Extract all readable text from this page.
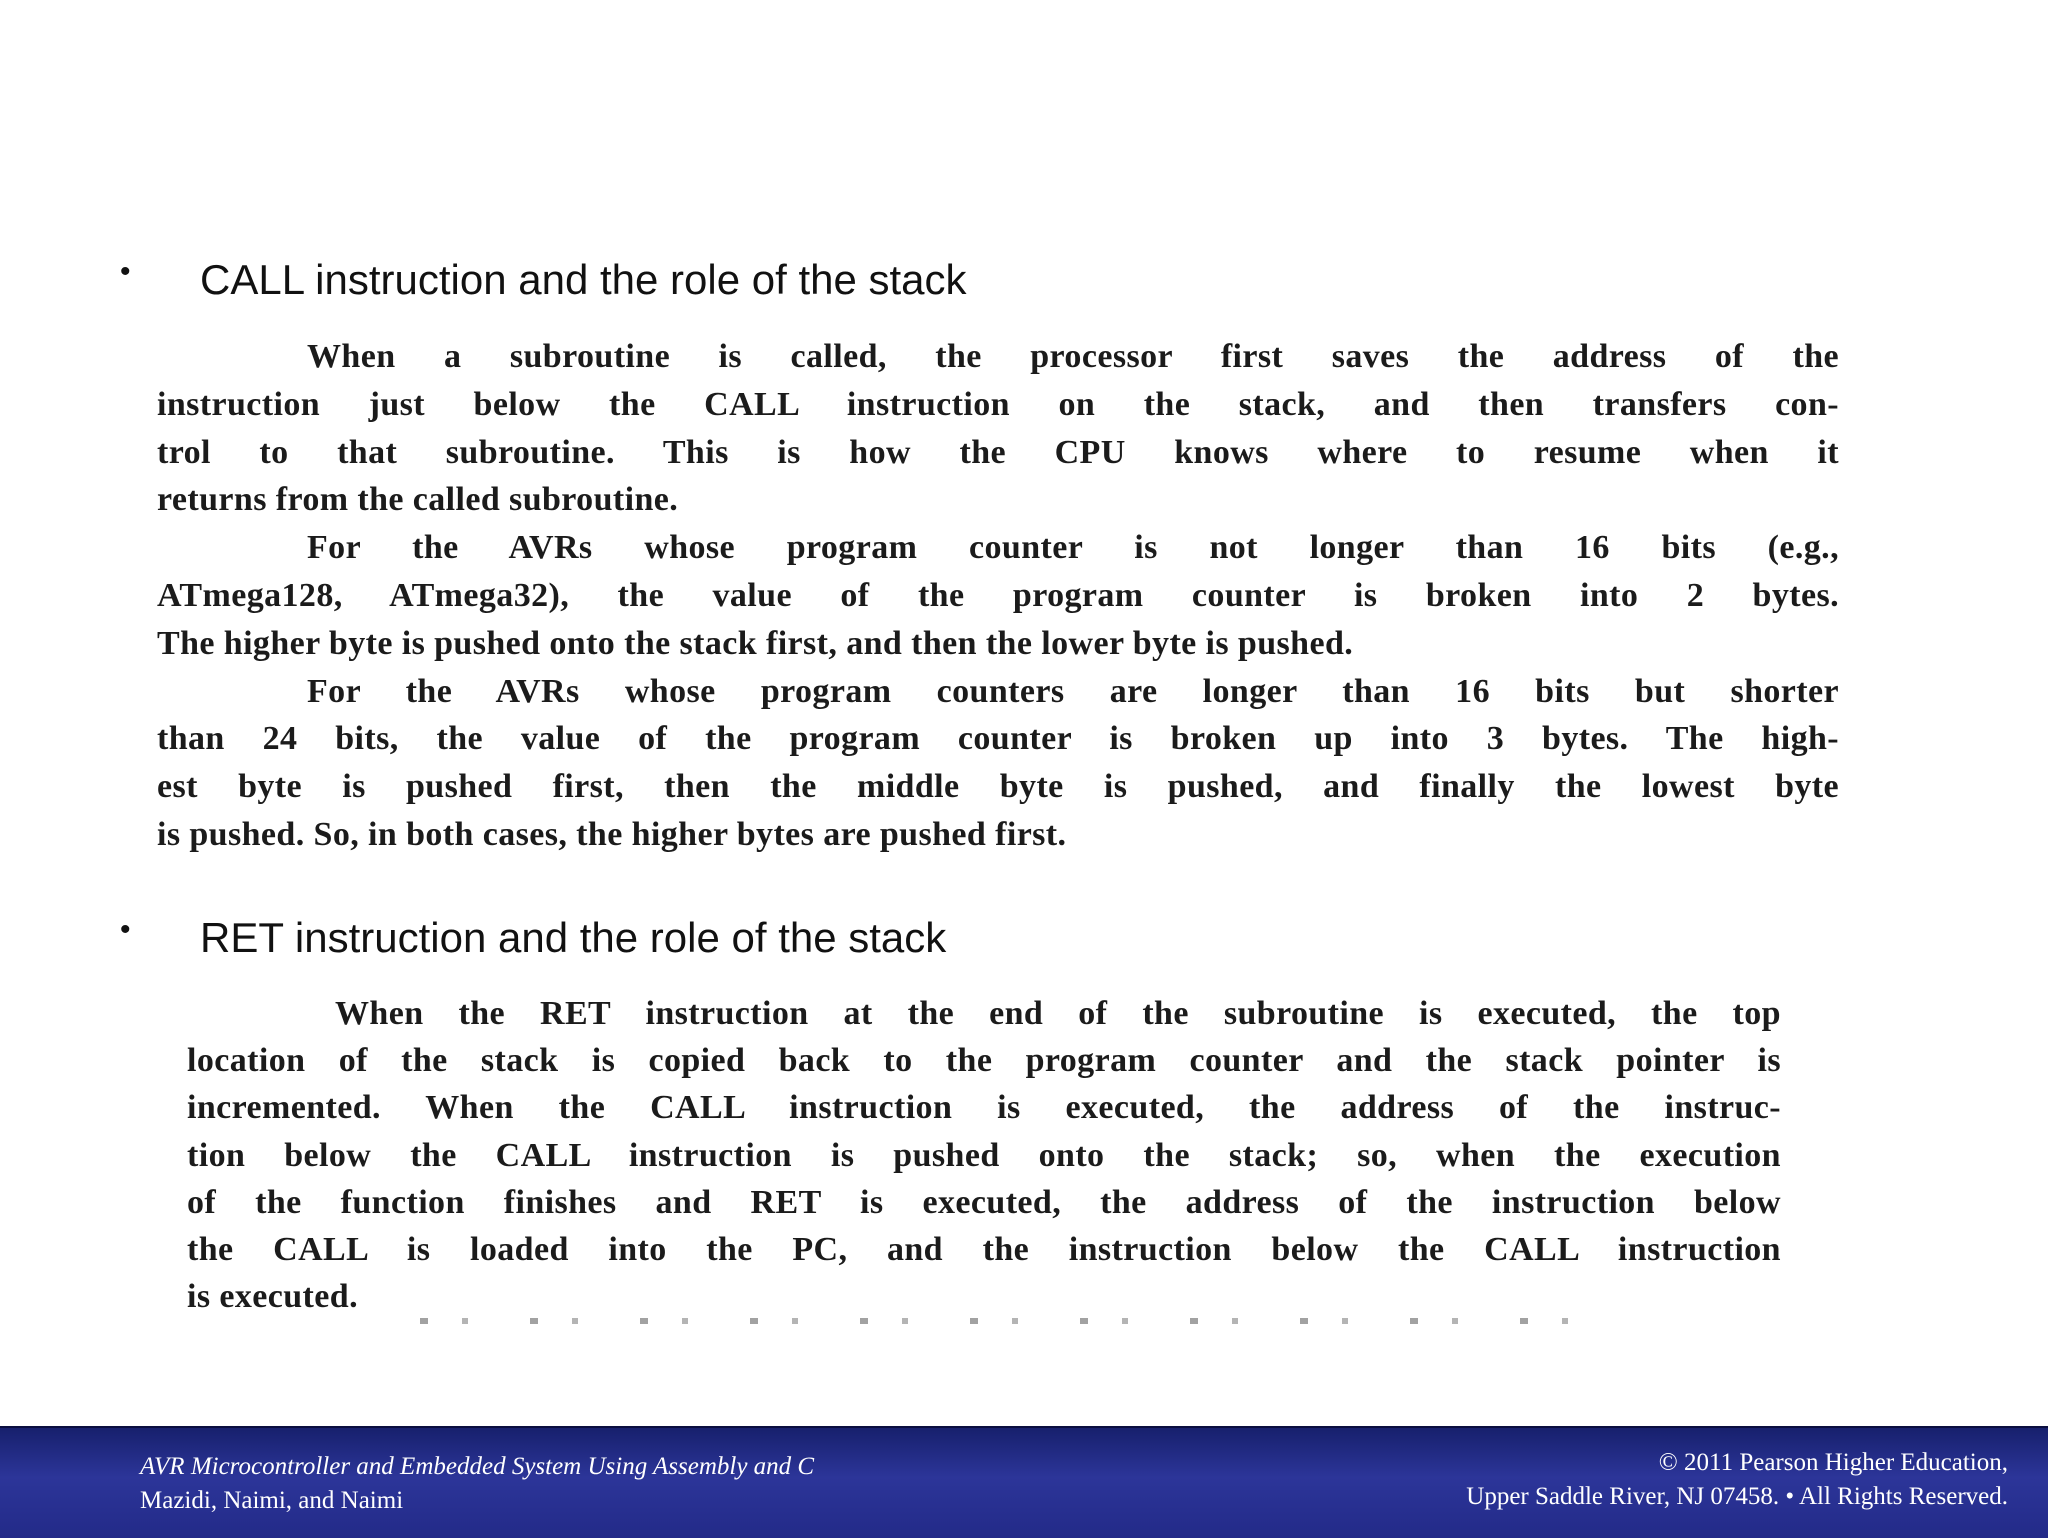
•	CALL instruction and the role of the stack
When a subroutine is called, the processor first saves the address of the
instruction just below the CALL instruction on the stack, and then transfers con-
trol to that subroutine. This is how the CPU knows where to resume when it
returns from the called subroutine.
For the AVRs whose program counter is not longer than 16 bits (e.g.,
ATmega128, ATmega32), the value of the program counter is broken into 2 bytes.
The higher byte is pushed onto the stack first, and then the lower byte is pushed.
For the AVRs whose program counters are longer than 16 bits but shorter
than 24 bits, the value of the program counter is broken up into 3 bytes. The high-
est byte is pushed first, then the middle byte is pushed, and finally the lowest byte
is pushed. So, in both cases, the higher bytes are pushed first.
•	RET instruction and the role of the stack
When the RET instruction at the end of the subroutine is executed, the top
location of the stack is copied back to the program counter and the stack pointer is
incremented. When the CALL instruction is executed, the address of the instruc-
tion below the CALL instruction is pushed onto the stack; so, when the execution
of the function finishes and RET is executed, the address of the instruction below
the CALL is loaded into the PC, and the instruction below the CALL instruction
is executed.
AVR Microcontroller and Embedded System Using Assembly and C
Mazidi, Naimi, and Naimi
© 2011 Pearson Higher Education,
Upper Saddle River, NJ 07458. • All Rights Reserved.
